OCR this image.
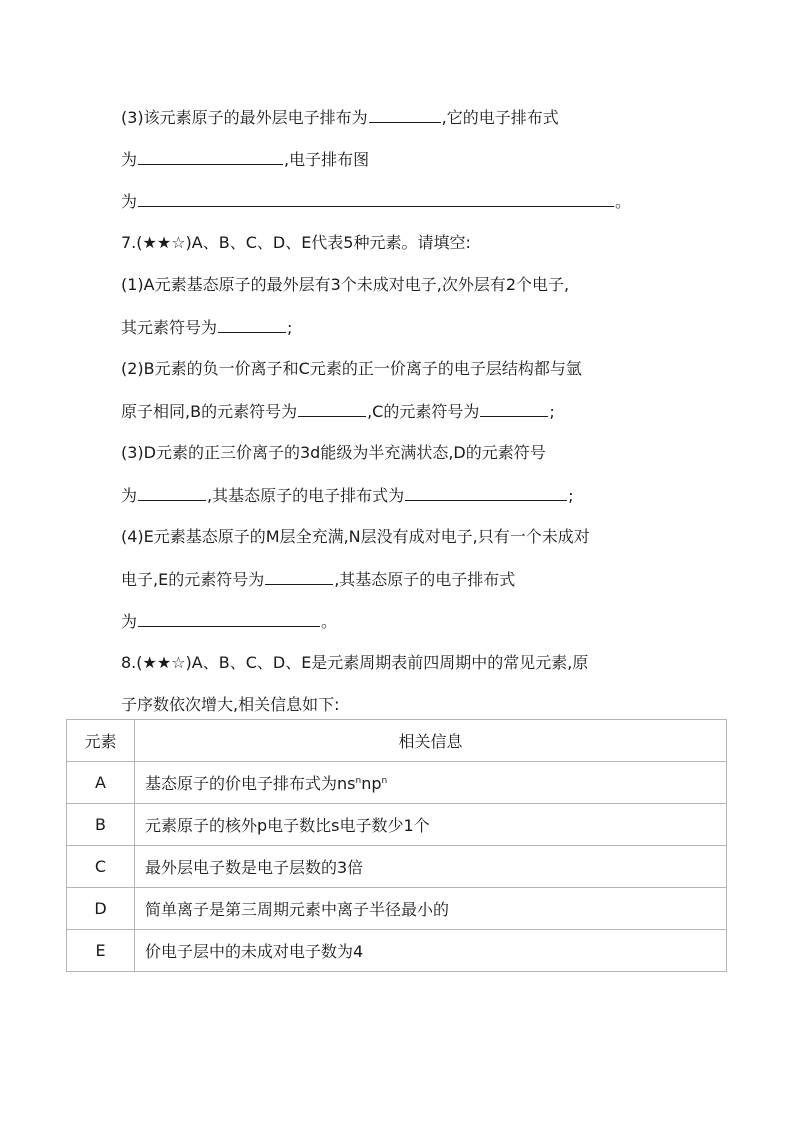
(3)该元素原子的最外层电子排布为	,它的电子排布式
为	,电子排布图
为	。
7.(★★☆)A、B、C、D、E代表5种元素。请填空:
(1)A元素基态原子的最外层有3个未成对电子,次外层有2个电子,
其元素符号为	;
(2)B元素的负一价离子和C元素的正一价离子的电子层结构都与氩
原子相同,B的元素符号为	,C的元素符号为	;
(3)D元素的正三价离子的3d能级为半充满状态,D的元素符号
为	,其基态原子的电子排布式为	;
(4)E元素基态原子的M层全充满,N层没有成对电子,只有一个未成对
电子,E的元素符号为	,其基态原子的电子排布式
为	。
8.(★★☆)A、B、C、D、E是元素周期表前四周期中的常见元素,原
子序数依次增大,相关信息如下:
元素	相关信息
A	基态原子的价电子排布式为$ns^nnp^n$
B	元素原子的核外p电子数比s电子数少1个
C	最外层电子数是电子层数的3倍
D	简单离子是第三周期元素中离子半径最小的
E	价电子层中的未成对电子数为4
